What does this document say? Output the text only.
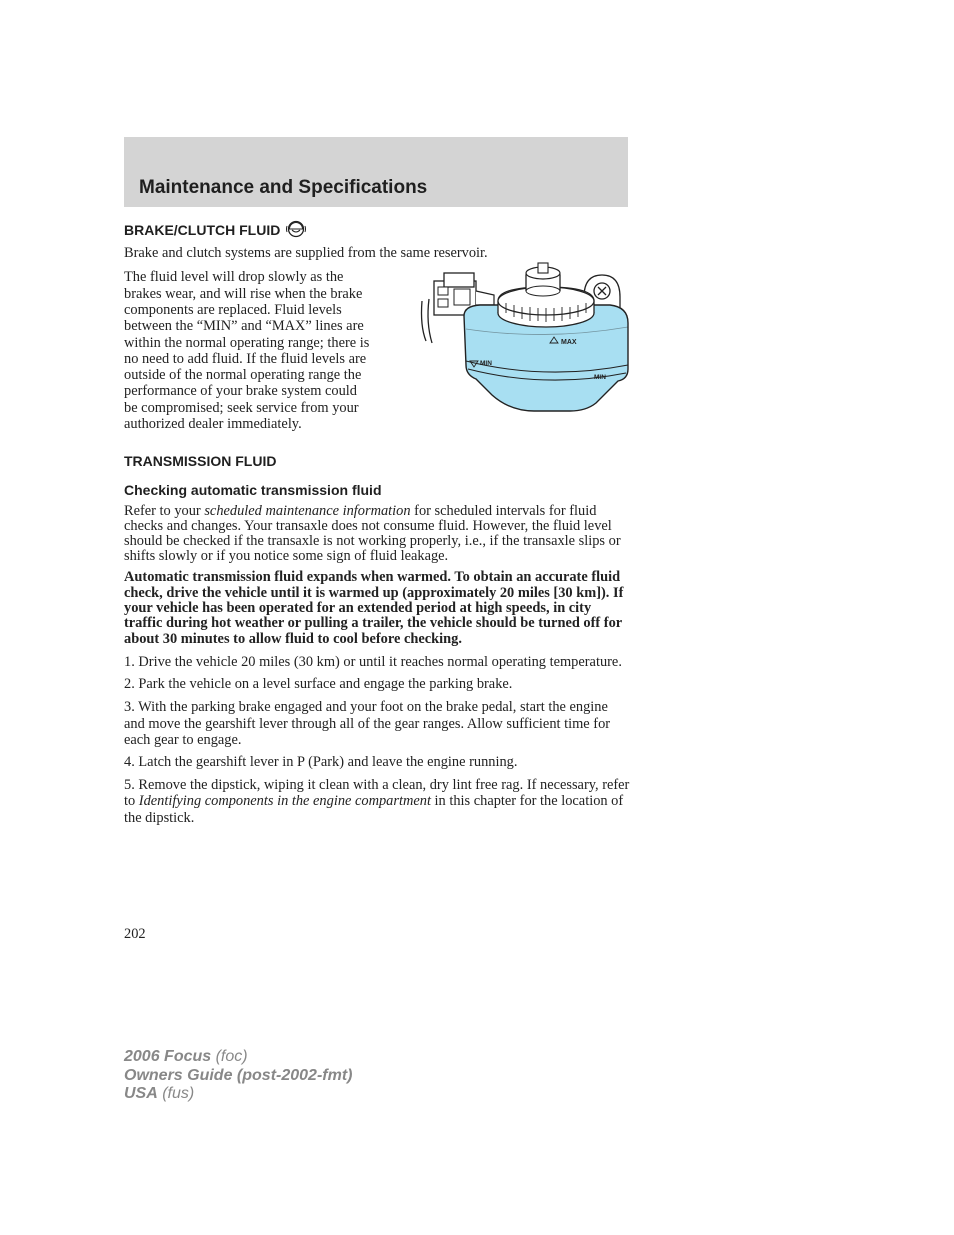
Maintenance and Specifications
BRAKE/CLUTCH FLUID

Brake and clutch systems are supplied from the same reservoir.

The fluid level will drop slowly as the brakes wear, and will rise when the brake components are replaced. Fluid levels between the “MIN” and “MAX” lines are within the normal operating range; there is no need to add fluid. If the fluid levels are outside of the normal operating range the performance of your brake system could be compromised; seek service from your authorized dealer immediately.

MAX
MIN
MIN
TRANSMISSION FLUID
Checking automatic transmission fluid

Refer to your scheduled maintenance information for scheduled intervals for fluid checks and changes. Your transaxle does not consume fluid. However, the fluid level should be checked if the transaxle is not working properly, i.e., if the transaxle slips or shifts slowly or if you notice some sign of fluid leakage.

Automatic transmission fluid expands when warmed. To obtain an accurate fluid check, drive the vehicle until it is warmed up (approximately 20 miles [30 km]). If your vehicle has been operated for an extended period at high speeds, in city traffic during hot weather or pulling a trailer, the vehicle should be turned off for about 30 minutes to allow fluid to cool before checking.

1. Drive the vehicle 20 miles (30 km) or until it reaches normal operating temperature.

2. Park the vehicle on a level surface and engage the parking brake.

3. With the parking brake engaged and your foot on the brake pedal, start the engine and move the gearshift lever through all of the gear ranges. Allow sufficient time for each gear to engage.

4. Latch the gearshift lever in P (Park) and leave the engine running.

5. Remove the dipstick, wiping it clean with a clean, dry lint free rag. If necessary, refer to Identifying components in the engine compartment in this chapter for the location of the dipstick.

202
2006 Focus (foc)
Owners Guide (post-2002-fmt)
USA (fus)
